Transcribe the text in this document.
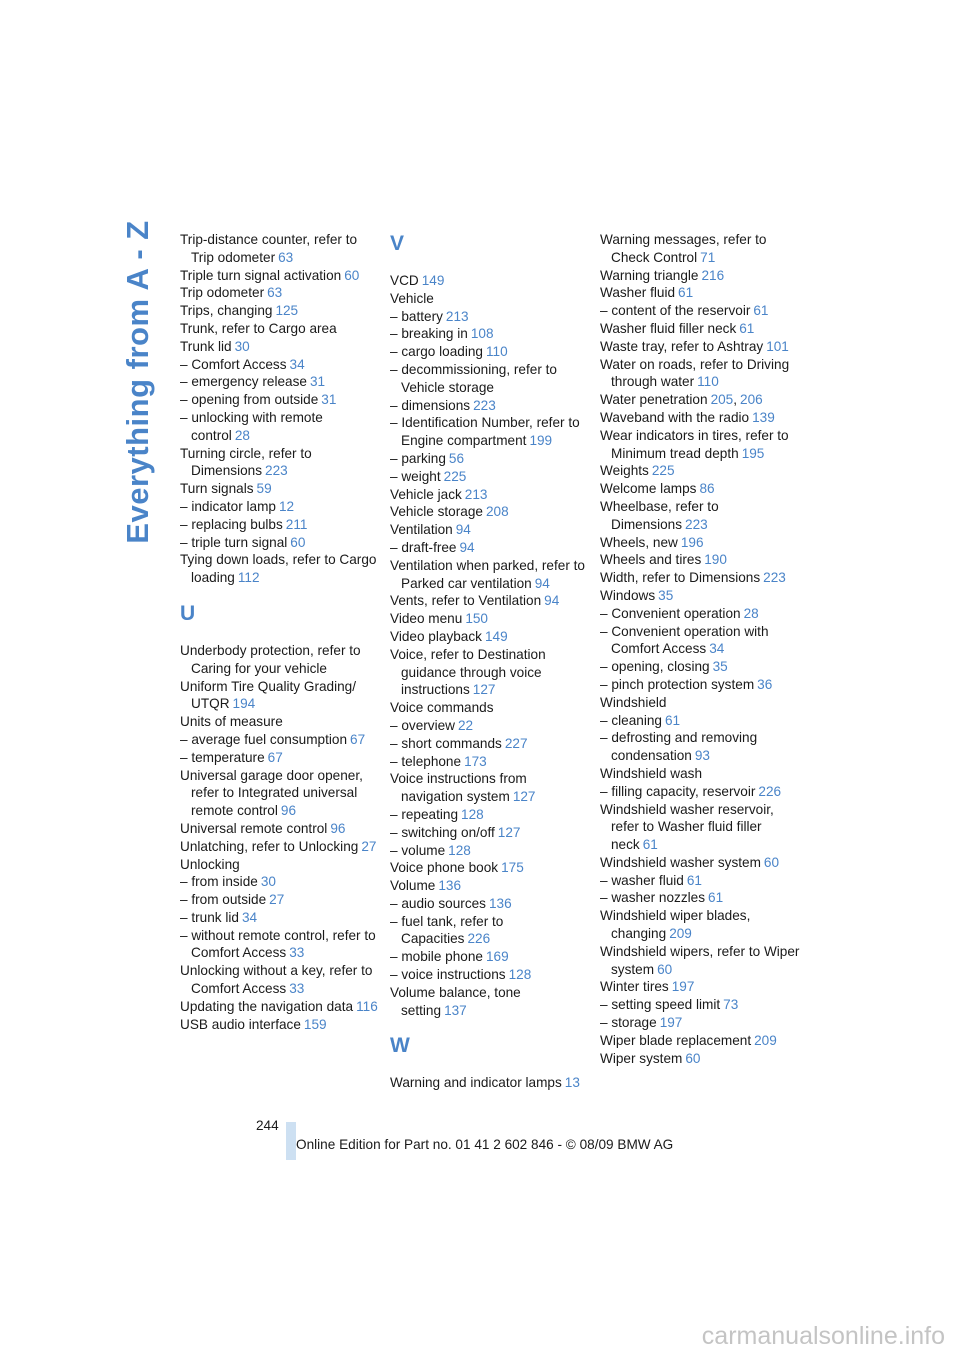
Everything from A - Z Trip-distance counter, refer to Trip odometer 63
Triple turn signal activation 60
Trip odometer 63
Trips, changing 125
Trunk, refer to Cargo area
Trunk lid 30
– Comfort Access 34
– emergency release 31
– opening from outside 31
– unlocking with remote control 28
Turning circle, refer to Dimensions 223
Turn signals 59
– indicator lamp 12
– replacing bulbs 211
– triple turn signal 60
Tying down loads, refer to Cargo loading 112
U
Underbody protection, refer to Caring for your vehicle
Uniform Tire Quality Grading/ UTQR 194
Units of measure
– average fuel consumption 67
– temperature 67
Universal garage door opener, refer to Integrated universal remote control 96
Universal remote control 96
Unlatching, refer to Unlocking 27
Unlocking
– from inside 30
– from outside 27
– trunk lid 34
– without remote control, refer to Comfort Access 33
Unlocking without a key, refer to Comfort Access 33
Updating the navigation data 116
USB audio interface 159
V
VCD 149
Vehicle
– battery 213
– breaking in 108
– cargo loading 110
– decommissioning, refer to Vehicle storage
– dimensions 223
– Identification Number, refer to Engine compartment 199
– parking 56
– weight 225
Vehicle jack 213
Vehicle storage 208
Ventilation 94
– draft-free 94
Ventilation when parked, refer to Parked car ventilation 94
Vents, refer to Ventilation 94
Video menu 150
Video playback 149
Voice, refer to Destination guidance through voice instructions 127
Voice commands
– overview 22
– short commands 227
– telephone 173
Voice instructions from navigation system 127
– repeating 128
– switching on/off 127
– volume 128
Voice phone book 175
Volume 136
– audio sources 136
– fuel tank, refer to Capacities 226
– mobile phone 169
– voice instructions 128
Volume balance, tone setting 137
W
Warning and indicator lamps 13
Warning messages, refer to Check Control 71
Warning triangle 216
Washer fluid 61
– content of the reservoir 61
Washer fluid filler neck 61
Waste tray, refer to Ashtray 101
Water on roads, refer to Driving through water 110
Water penetration 205, 206
Waveband with the radio 139
Wear indicators in tires, refer to Minimum tread depth 195
Weights 225
Welcome lamps 86
Wheelbase, refer to Dimensions 223
Wheels, new 196
Wheels and tires 190
Width, refer to Dimensions 223
Windows 35
– Convenient operation 28
– Convenient operation with Comfort Access 34
– opening, closing 35
– pinch protection system 36
Windshield
– cleaning 61
– defrosting and removing condensation 93
Windshield wash
– filling capacity, reservoir 226
Windshield washer reservoir, refer to Washer fluid filler neck 61
Windshield washer system 60
– washer fluid 61
– washer nozzles 61
Windshield wiper blades, changing 209
Windshield wipers, refer to Wiper system 60
Winter tires 197
– setting speed limit 73
– storage 197
Wiper blade replacement 209
Wiper system 60
244
Online Edition for Part no. 01 41 2 602 846 - © 08/09 BMW AG
carmanualsonline.info
